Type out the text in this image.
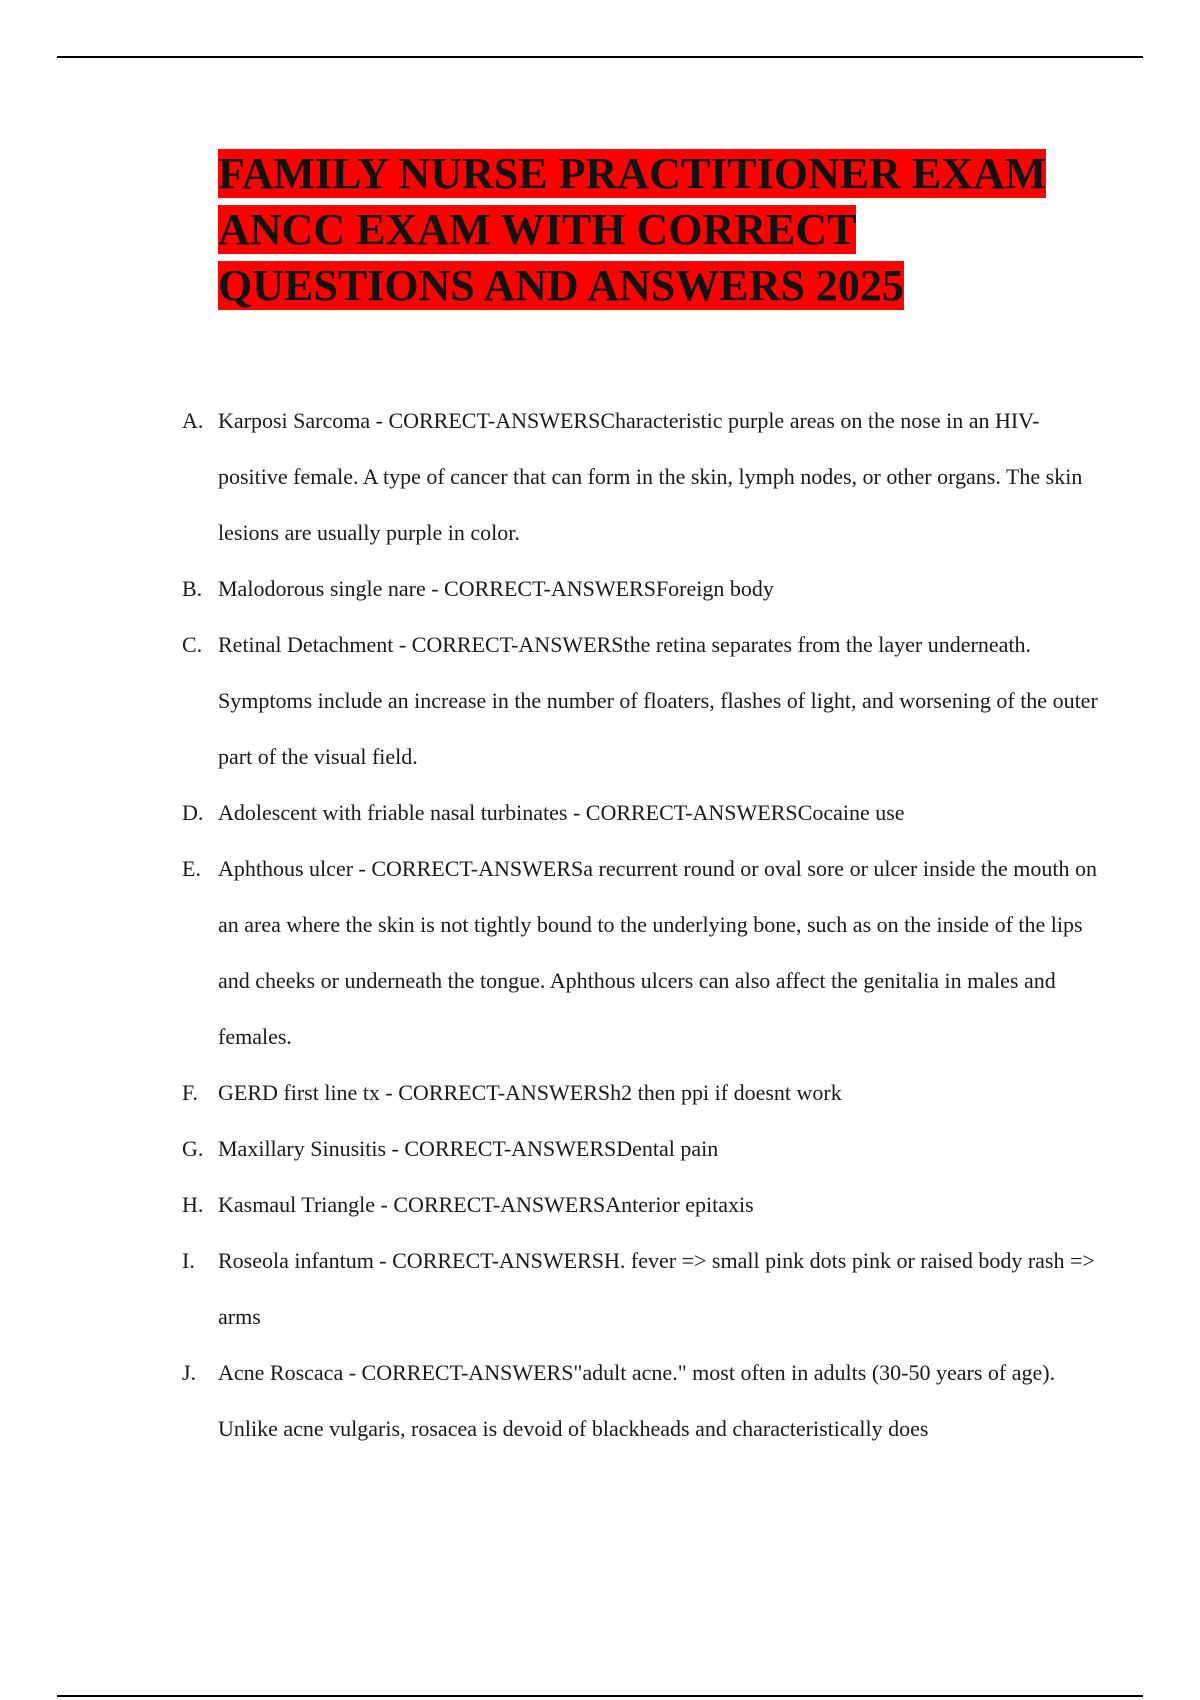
FAMILY NURSE PRACTITIONER EXAM ANCC EXAM WITH CORRECT QUESTIONS AND ANSWERS 2025
A. Karposi Sarcoma - CORRECT-ANSWERSCharacteristic purple areas on the nose in an HIV-positive female. A type of cancer that can form in the skin, lymph nodes, or other organs. The skin lesions are usually purple in color.
B. Malodorous single nare - CORRECT-ANSWERSForeign body
C. Retinal Detachment - CORRECT-ANSWERSthe retina separates from the layer underneath. Symptoms include an increase in the number of floaters, flashes of light, and worsening of the outer part of the visual field.
D. Adolescent with friable nasal turbinates - CORRECT-ANSWERSCocaine use
E. Aphthous ulcer - CORRECT-ANSWERSa recurrent round or oval sore or ulcer inside the mouth on an area where the skin is not tightly bound to the underlying bone, such as on the inside of the lips and cheeks or underneath the tongue. Aphthous ulcers can also affect the genitalia in males and females.
F. GERD first line tx - CORRECT-ANSWERSh2 then ppi if doesnt work
G. Maxillary Sinusitis - CORRECT-ANSWERSDental pain
H. Kasmaul Triangle - CORRECT-ANSWERSAnterior epitaxis
I. Roseola infantum - CORRECT-ANSWERSH. fever => small pink dots pink or raised body rash => arms
J. Acne Roscaca - CORRECT-ANSWERS"adult acne." most often in adults (30-50 years of age). Unlike acne vulgaris, rosacea is devoid of blackheads and characteristically does
